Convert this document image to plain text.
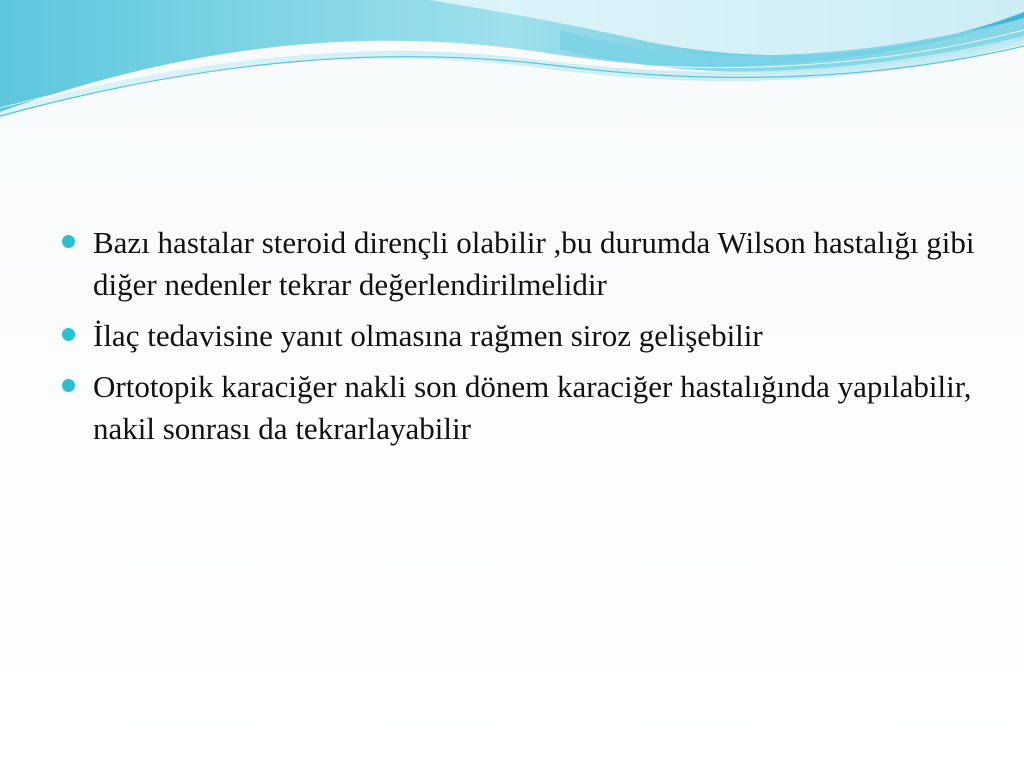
Bazı hastalar steroid dirençli olabilir ,bu durumda Wilson hastalığı gibi diğer nedenler tekrar değerlendirilmelidir
İlaç tedavisine yanıt olmasına rağmen siroz gelişebilir
Ortotopik karaciğer nakli son dönem karaciğer hastalığında yapılabilir, nakil sonrası da tekrarlayabilir
